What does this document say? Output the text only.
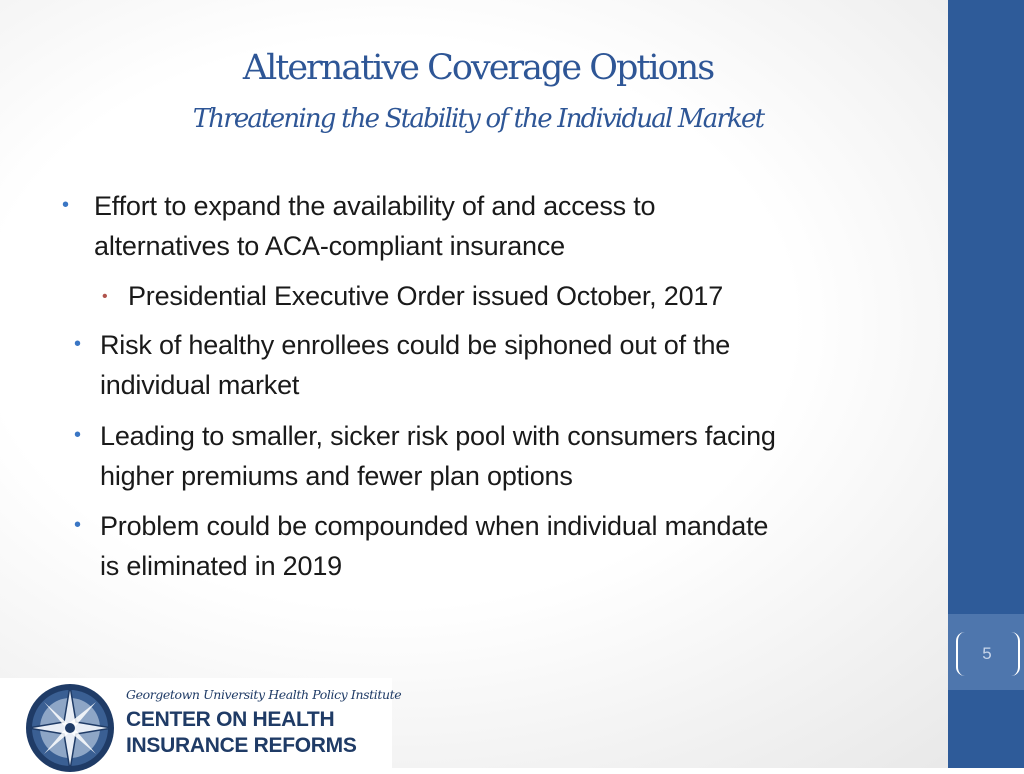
5
Alternative Coverage Options
Threatening the Stability of the Individual Market
• Effort to expand the availability of and access to
alternatives to ACA-compliant insurance
• Presidential Executive Order issued October, 2017
• Risk of healthy enrollees could be siphoned out of the
individual market
• Leading to smaller, sicker risk pool with consumers facing
higher premiums and fewer plan options
• Problem could be compounded when individual mandate
is eliminated in 2019
Georgetown University Health Policy Institute
CENTER ON HEALTH
INSURANCE REFORMS
